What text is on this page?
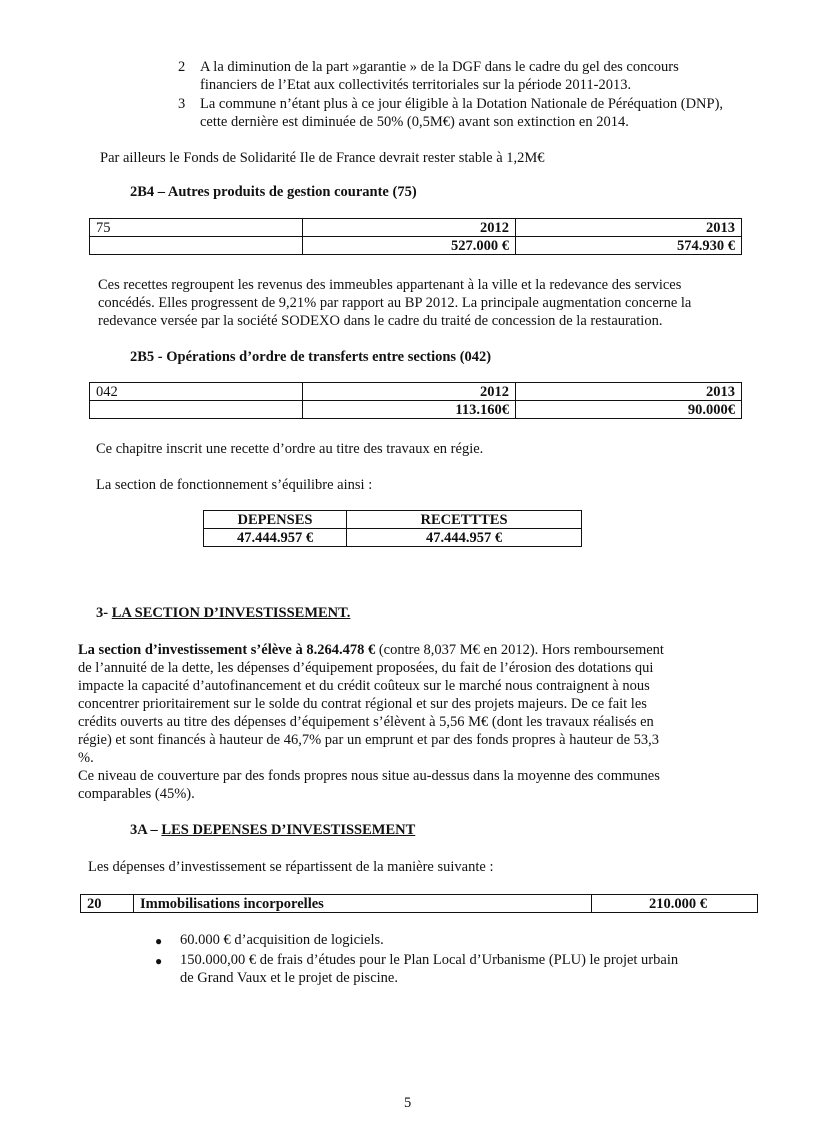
2 A la diminution de la part »garantie » de la DGF dans le cadre du gel des concours
financiers de l’Etat aux collectivités territoriales sur la période 2011-2013.
3 La commune n’étant plus à ce jour éligible à la Dotation Nationale de Péréquation (DNP),
cette dernière est diminuée de 50% (0,5M€) avant son extinction en 2014.
Par ailleurs le Fonds de Solidarité Ile de France devrait rester stable à 1,2M€
2B4 – Autres produits de gestion courante (75)
75	2012	2013
	527.000 €	574.930 €
Ces recettes regroupent les revenus des immeubles appartenant à la ville et la redevance des services
concédés. Elles progressent de 9,21% par rapport au BP 2012. La principale augmentation concerne la
redevance versée par la société SODEXO dans le cadre du traité de concession de la restauration.
2B5 - Opérations d’ordre de transferts entre sections (042)
042	2012	2013
	113.160€	90.000€
Ce chapitre inscrit une recette d’ordre au titre des travaux en régie.
La section de fonctionnement s’équilibre ainsi :
DEPENSES	RECETTTES
47.444.957 €	47.444.957 €
3- LA SECTION D’INVESTISSEMENT.
La section d’investissement s’élève à 8.264.478 € (contre 8,037 M€ en 2012). Hors remboursement
de l’annuité de la dette, les dépenses d’équipement proposées, du fait de l’érosion des dotations qui
impacte la capacité d’autofinancement et du crédit coûteux sur le marché nous contraignent à nous
concentrer prioritairement sur le solde du contrat régional et sur des projets majeurs. De ce fait les
crédits ouverts au titre des dépenses d’équipement s’élèvent à 5,56 M€ (dont les travaux réalisés en
régie) et sont financés à hauteur de 46,7% par un emprunt et par des fonds propres à hauteur de 53,3
%.
Ce niveau de couverture par des fonds propres nous situe au-dessus dans la moyenne des communes
comparables (45%).
3A – LES DEPENSES D’INVESTISSEMENT
Les dépenses d’investissement se répartissent de la manière suivante :
20	Immobilisations incorporelles	210.000 €
● 60.000 € d’acquisition de logiciels.
● 150.000,00 € de frais d’études pour le Plan Local d’Urbanisme (PLU) le projet urbain
de Grand Vaux et le projet de piscine.
5
